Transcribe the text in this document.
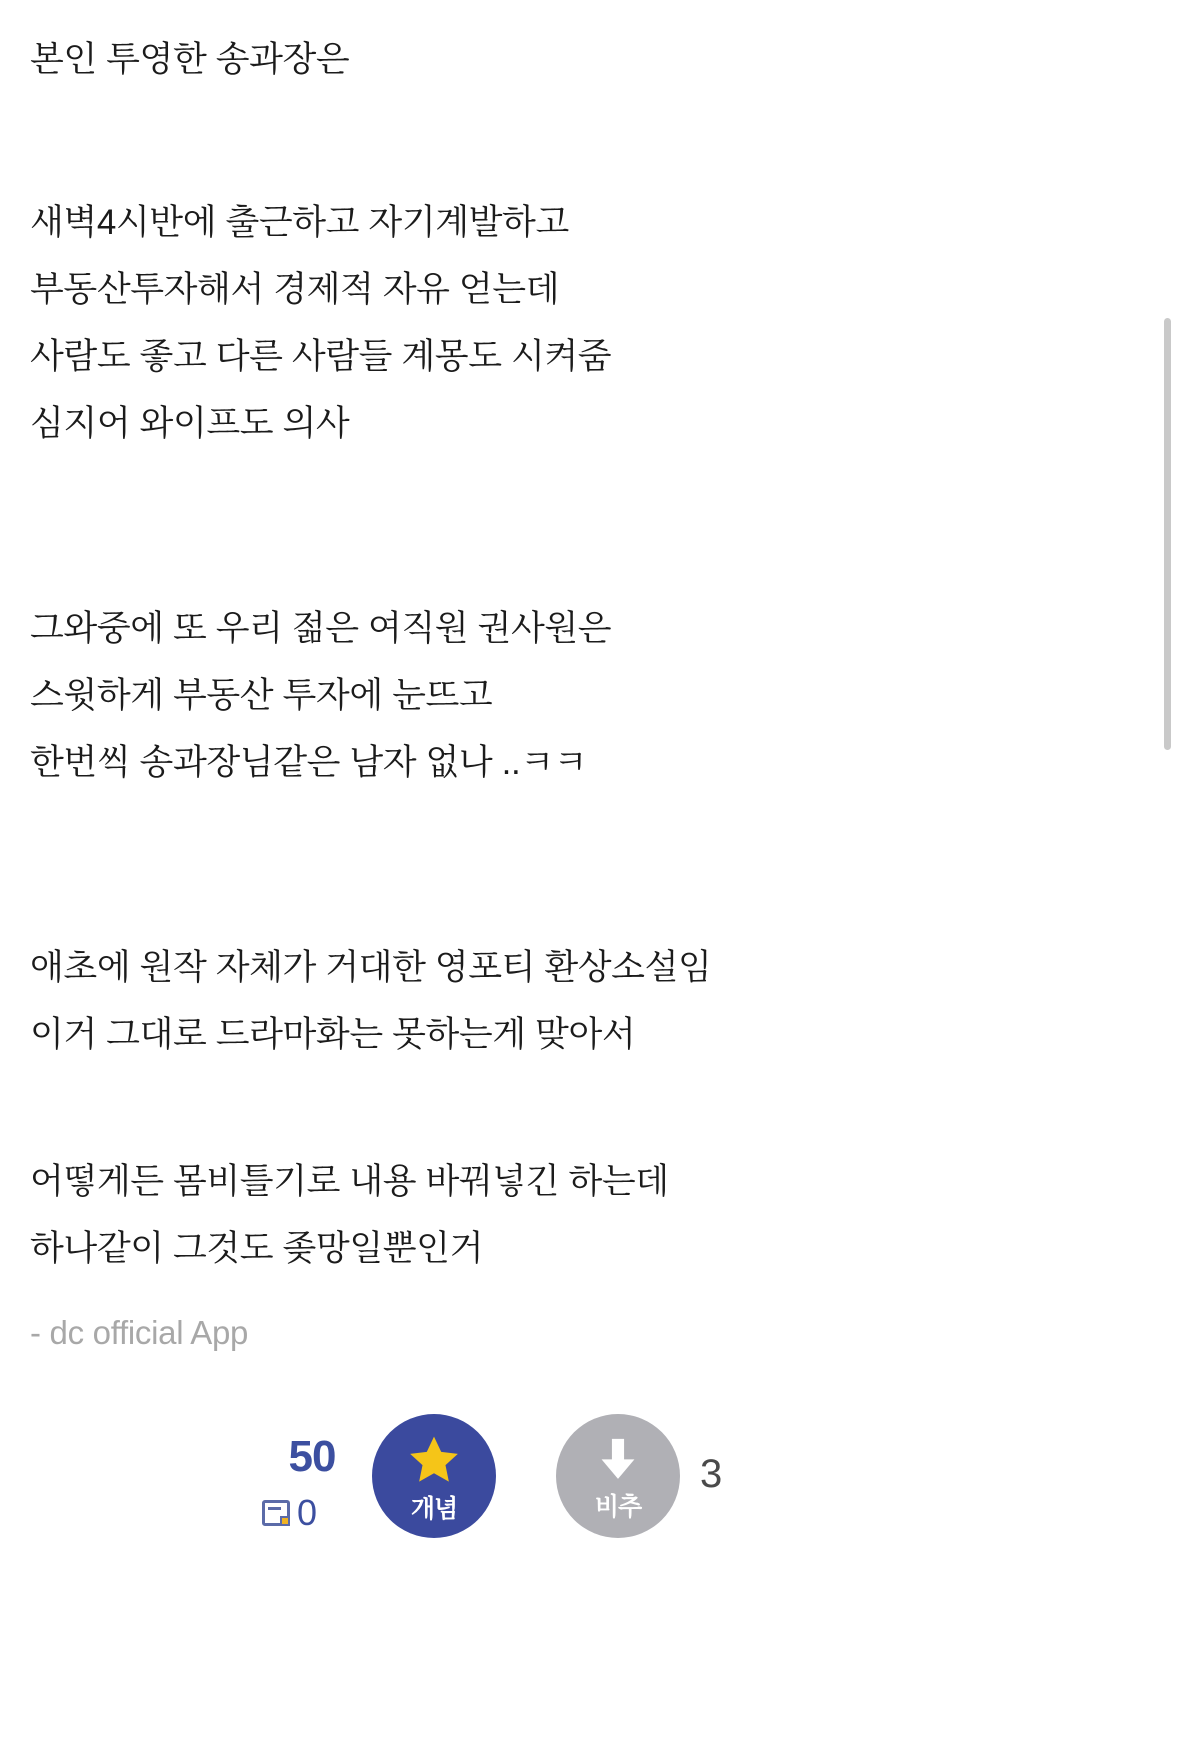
본인 투영한 송과장은
새벽4시반에 출근하고 자기계발하고
부동산투자해서 경제적 자유 얻는데
사람도 좋고 다른 사람들 계몽도 시켜줌
심지어 와이프도 의사
그와중에 또 우리 젊은 여직원 권사원은
스윗하게 부동산 투자에 눈뜨고
한번씩 송과장님같은 남자 없나 ..ㅋㅋ
애초에 원작 자체가 거대한 영포티 환상소설임
이거 그대로 드라마화는 못하는게 맞아서
어떻게든 몸비틀기로 내용 바꿔넣긴 하는데
하나같이 그것도 좆망일뿐인거
- dc official App
50
0	개념	비추
3
